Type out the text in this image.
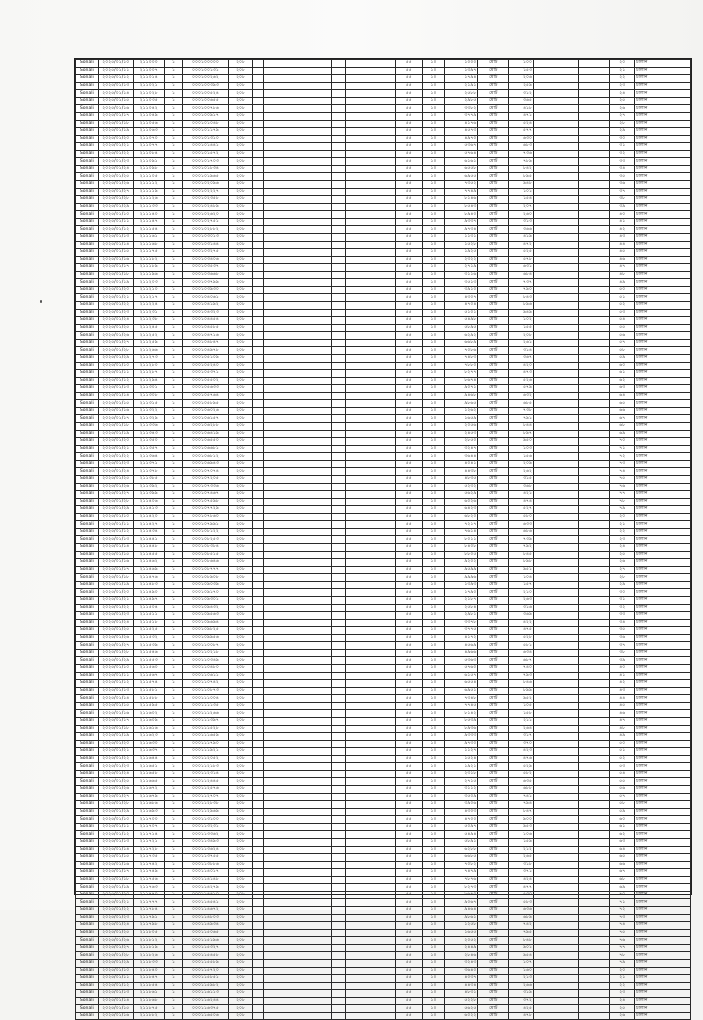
Sonali	২০২৫/০১/১০	২১১০০০	১	০০০১০০০০০	২০৮					৫৫	১০	১০০০	মোট	১০০			২০	চালান
Sonali	২০২৫/০১/১১	২১১০০৭	১	০০০১০০১৩১	২০৮					৫৫	১০	১৩৯৭	মোট	১৫৩			২১	চালান
Sonali	২০২৫/০১/১২	২১১০১৪	১	০০০১০০২৬২	২০৮					৫৫	১০	১৭৯৪	মোট	২০৬			২২	চালান
Sonali	২০২৫/০১/১৩	২১১০২১	১	০০০১০০৩৯৩	২০৮					৫৫	১০	২১৯১	মোট	২৫৯			২৩	চালান
Sonali	২০২৫/০১/১৪	২১১০২৮	১	০০০১০০৫২৪	২০৮					৫৫	১০	২৫৮৮	মোট	৩১২			২৪	চালান
Sonali	২০২৫/০১/১৫	২১১০৩৫	১	০০০১০০৬৫৫	২০৮					৫৫	১০	২৯৮৫	মোট	৩৬৫			২৫	চালান
Sonali	২০২৫/০১/১৬	২১১০৪২	১	০০০১০০৭৮৬	২০৮					৫৫	১০	৩৩৮২	মোট	৪১৮			২৬	চালান
Sonali	২০২৫/০১/১৭	২১১০৪৯	১	০০০১০০৯১৭	২০৮					৫৫	১০	৩৭৭৯	মোট	৪৭১			২৭	চালান
Sonali	২০২৫/০১/১৮	২১১০৫৬	১	০০০১০১০৪৮	২০৮					৫৫	১০	৪১৭৬	মোট	৫২৪			২৮	চালান
Sonali	২০২৫/০১/১৯	২১১০৬৩	১	০০০১০১১৭৯	২০৮					৫৫	১০	৪৫৭৩	মোট	৫৭৭			২৯	চালান
Sonali	২০২৫/০১/২০	২১১০৭০	১	০০০১০১৩১০	২০৮					৫৫	১০	৪৯৭০	মোট	৬৩০			৩০	চালান
Sonali	২০২৫/০১/২১	২১১০৭৭	১	০০০১০১৪৪১	২০৮					৫৫	১০	৫৩৬৭	মোট	৬৮৩			৩১	চালান
Sonali	২০২৫/০১/২২	২১১০৮৪	১	০০০১০১৫৭২	২০৮					৫৫	১০	৫৭৬৪	মোট	৭৩৬			৩২	চালান
Sonali	২০২৫/০১/২৩	২১১০৯১	১	০০০১০১৭০৩	২০৮					৫৫	১০	৬১৬১	মোট	৭৮৯			৩৩	চালান
Sonali	২০২৫/০১/২৪	২১১০৯৮	১	০০০১০১৮৩৪	২০৮					৫৫	১০	৬৫৫৮	মোট	৮৪২			৩৪	চালান
Sonali	২০২৫/০১/২৫	২১১১০৫	১	০০০১০১৯৬৫	২০৮					৫৫	১০	৬৯৫৫	মোট	৮৯৫			৩৫	চালান
Sonali	২০২৫/০১/২৬	২১১১১২	১	০০০১০২০৯৬	২০৮					৫৫	১০	৭৩৫২	মোট	৯৪৮			৩৬	চালান
Sonali	২০২৫/০১/২৭	২১১১১৯	১	০০০১০২২২৭	২০৮					৫৫	১০	৭৭৪৯	মোট	১০১			৩৭	চালান
Sonali	২০২৫/০১/২৮	২১১১২৬	১	০০০১০২৩৫৮	২০৮					৫৫	১০	৮১৪৬	মোট	১৫৪			৩৮	চালান
Sonali	২০২৫/০১/২৯	২১১১৩৩	১	০০০১০২৪৮৯	২০৮					৫৫	১০	৮৫৪৩	মোট	২০৭			৩৯	চালান
Sonali	২০২৫/০১/১০	২১১১৪০	১	০০০১০২৬২০	২০৮					৫৫	১০	৮৯৪০	মোট	২৬০			৪০	চালান
Sonali	২০২৫/০১/১১	২১১১৪৭	১	০০০১০২৭৫১	২০৮					৫৫	১০	৯৩৩৭	মোট	৩১৩			৪১	চালান
Sonali	২০২৫/০১/১২	২১১১৫৪	১	০০০১০২৮৮২	২০৮					৫৫	১০	৯৭৩৪	মোট	৩৬৬			৪২	চালান
Sonali	২০২৫/০১/১৩	২১১১৬১	১	০০০১০৩০১৩	২০৮					৫৫	১০	১১৩১	মোট	৪১৯			৪৩	চালান
Sonali	২০২৫/০১/১৪	২১১১৬৮	১	০০০১০৩১৪৪	২০৮					৫৫	১০	১৫২৮	মোট	৪৭২			৪৪	চালান
Sonali	২০২৫/০১/১৫	২১১১৭৫	১	০০০১০৩২৭৫	২০৮					৫৫	১০	১৯২৫	মোট	৫২৫			৪৫	চালান
Sonali	২০২৫/০১/১৬	২১১১৮২	১	০০০১০৩৪০৬	২০৮					৫৫	১০	২৩২২	মোট	৫৭৮			৪৬	চালান
Sonali	২০২৫/০১/১৭	২১১১৮৯	১	০০০১০৩৫৩৭	২০৮					৫৫	১০	২৭১৯	মোট	৬৩১			৪৭	চালান
Sonali	২০২৫/০১/১৮	২১১১৯৬	১	০০০১০৩৬৬৮	২০৮					৫৫	১০	৩১১৬	মোট	৬৮৪			৪৮	চালান
Sonali	২০২৫/০১/১৯	২১১২০৩	১	০০০১০৩৭৯৯	২০৮					৫৫	১০	৩৫১৩	মোট	৭৩৭			৪৯	চালান
Sonali	২০২৫/০১/২০	২১১২১০	১	০০০১০৩৯৩০	২০৮					৫৫	১০	৩৯১০	মোট	৭৯০			৫০	চালান
Sonali	২০২৫/০১/২১	২১১২১৭	১	০০০১০৪০৬১	২০৮					৫৫	১০	৪৩০৭	মোট	৮৪৩			৫১	চালান
Sonali	২০২৫/০১/২২	২১১২২৪	১	০০০১০৪১৯২	২০৮					৫৫	১০	৪৭০৪	মোট	৮৯৬			৫২	চালান
Sonali	২০২৫/০১/২৩	২১১২৩১	১	০০০১০৪৩২৩	২০৮					৫৫	১০	৫১০১	মোট	৯৪৯			৫৩	চালান
Sonali	২০২৫/০১/২৪	২১১২৩৮	১	০০০১০৪৪৫৪	২০৮					৫৫	১০	৫৪৯৮	মোট	১০২			৫৪	চালান
Sonali	২০২৫/০১/২৫	২১১২৪৫	১	০০০১০৪৫৮৫	২০৮					৫৫	১০	৫৮৯৫	মোট	১৫৫			৫৫	চালান
Sonali	২০২৫/০১/২৬	২১১২৫২	১	০০০১০৪৭১৬	২০৮					৫৫	১০	৬২৯২	মোট	২০৮			৫৬	চালান
Sonali	২০২৫/০১/২৭	২১১২৫৯	১	০০০১০৪৮৪৭	২০৮					৫৫	১০	৬৬৮৯	মোট	২৬১			৫৭	চালান
Sonali	২০২৫/০১/২৮	২১১২৬৬	১	০০০১০৪৯৭৮	২০৮					৫৫	১০	৭০৮৬	মোট	৩১৪			৫৮	চালান
Sonali	২০২৫/০১/২৯	২১১২৭৩	১	০০০১০৫১০৯	২০৮					৫৫	১০	৭৪৮৩	মোট	৩৬৭			৫৯	চালান
Sonali	২০২৫/০১/১০	২১১২৮০	১	০০০১০৫২৪০	২০৮					৫৫	১০	৭৮৮০	মোট	৪২০			৬০	চালান
Sonali	২০২৫/০১/১১	২১১২৮৭	১	০০০১০৫৩৭১	২০৮					৫৫	১০	৮২৭৭	মোট	৪৭৩			৬১	চালান
Sonali	২০২৫/০১/১২	২১১২৯৪	১	০০০১০৫৫০২	২০৮					৫৫	১০	৮৬৭৪	মোট	৫২৬			৬২	চালান
Sonali	২০২৫/০১/১৩	২১১৩০১	১	০০০১০৫৬৩৩	২০৮					৫৫	১০	৯০৭১	মোট	৫৭৯			৬৩	চালান
Sonali	২০২৫/০১/১৪	২১১৩০৮	১	০০০১০৫৭৬৪	২০৮					৫৫	১০	৯৪৬৮	মোট	৬৩২			৬৪	চালান
Sonali	২০২৫/০১/১৫	২১১৩১৫	১	০০০১০৫৮৯৫	২০৮					৫৫	১০	৯৮৬৫	মোট	৬৮৫			৬৫	চালান
Sonali	২০২৫/০১/১৬	২১১৩২২	১	০০০১০৬০২৬	২০৮					৫৫	১০	১২৬২	মোট	৭৩৮			৬৬	চালান
Sonali	২০২৫/০১/১৭	২১১৩২৯	১	০০০১০৬১৫৭	২০৮					৫৫	১০	১৬৫৯	মোট	৭৯১			৬৭	চালান
Sonali	২০২৫/০১/১৮	২১১৩৩৬	১	০০০১০৬২৮৮	২০৮					৫৫	১০	২০৫৬	মোট	৮৪৪			৬৮	চালান
Sonali	২০২৫/০১/১৯	২১১৩৪৩	১	০০০১০৬৪১৯	২০৮					৫৫	১০	২৪৫৩	মোট	৮৯৭			৬৯	চালান
Sonali	২০২৫/০১/২০	২১১৩৫০	১	০০০১০৬৫৫০	২০৮					৫৫	১০	২৮৫০	মোট	৯৫০			৭০	চালান
Sonali	২০২৫/০১/২১	২১১৩৫৭	১	০০০১০৬৬৮১	২০৮					৫৫	১০	৩২৪৭	মোট	১০৩			৭১	চালান
Sonali	২০২৫/০১/২২	২১১৩৬৪	১	০০০১০৬৮১২	২০৮					৫৫	১০	৩৬৪৪	মোট	১৫৬			৭২	চালান
Sonali	২০২৫/০১/২৩	২১১৩৭১	১	০০০১০৬৯৪৩	২০৮					৫৫	১০	৪০৪১	মোট	২০৯			৭৩	চালান
Sonali	২০২৫/০১/২৪	২১১৩৭৮	১	০০০১০৭০৭৪	২০৮					৫৫	১০	৪৪৩৮	মোট	২৬২			৭৪	চালান
Sonali	২০২৫/০১/২৫	২১১৩৮৫	১	০০০১০৭২০৫	২০৮					৫৫	১০	৪৮৩৫	মোট	৩১৫			৭৫	চালান
Sonali	২০২৫/০১/২৬	২১১৩৯২	১	০০০১০৭৩৩৬	২০৮					৫৫	১০	৫২৩২	মোট	৩৬৮			৭৬	চালান
Sonali	২০২৫/০১/২৭	২১১৩৯৯	১	০০০১০৭৪৬৭	২০৮					৫৫	১০	৫৬২৯	মোট	৪২১			৭৭	চালান
Sonali	২০২৫/০১/২৮	২১১৪০৬	১	০০০১০৭৫৯৮	২০৮					৫৫	১০	৬০২৬	মোট	৪৭৪			৭৮	চালান
Sonali	২০২৫/০১/২৯	২১১৪১৩	১	০০০১০৭৭২৯	২০৮					৫৫	১০	৬৪২৩	মোট	৫২৭			৭৯	চালান
Sonali	২০২৫/০১/১০	২১১৪২০	১	০০০১০৭৮৬০	২০৮					৫৫	১০	৬৮২০	মোট	৫৮০			২০	চালান
Sonali	২০২৫/০১/১১	২১১৪২৭	১	০০০১০৭৯৯১	২০৮					৫৫	১০	৭২১৭	মোট	৬৩৩			২১	চালান
Sonali	২০২৫/০১/১২	২১১৪৩৪	১	০০০১০৮১২২	২০৮					৫৫	১০	৭৬১৪	মোট	৬৮৬			২২	চালান
Sonali	২০২৫/০১/১৩	২১১৪৪১	১	০০০১০৮২৫৩	২০৮					৫৫	১০	৮০১১	মোট	৭৩৯			২৩	চালান
Sonali	২০২৫/০১/১৪	২১১৪৪৮	১	০০০১০৮৩৮৪	২০৮					৫৫	১০	৮৪০৮	মোট	৭৯২			২৪	চালান
Sonali	২০২৫/০১/১৫	২১১৪৫৫	১	০০০১০৮৫১৫	২০৮					৫৫	১০	৮৮০৫	মোট	৮৪৫			২৫	চালান
Sonali	২০২৫/০১/১৬	২১১৪৬২	১	০০০১০৮৬৪৬	২০৮					৫৫	১০	৯২০২	মোট	৮৯৮			২৬	চালান
Sonali	২০২৫/০১/১৭	২১১৪৬৯	১	০০০১০৮৭৭৭	২০৮					৫৫	১০	৯৫৯৯	মোট	৯৫১			২৭	চালান
Sonali	২০২৫/০১/১৮	২১১৪৭৬	১	০০০১০৮৯০৮	২০৮					৫৫	১০	৯৯৯৬	মোট	১০৪			২৮	চালান
Sonali	২০২৫/০১/১৯	২১১৪৮৩	১	০০০১০৯০৩৯	২০৮					৫৫	১০	১৩৯৩	মোট	১৫৭			২৯	চালান
Sonali	২০২৫/০১/২০	২১১৪৯০	১	০০০১০৯১৭০	২০৮					৫৫	১০	১৭৯০	মোট	২১০			৩০	চালান
Sonali	২০২৫/০১/২১	২১১৪৯৭	১	০০০১০৯৩০১	২০৮					৫৫	১০	২১৮৭	মোট	২৬৩			৩১	চালান
Sonali	২০২৫/০১/২২	২১১৫০৪	১	০০০১০৯৪৩২	২০৮					৫৫	১০	২৫৮৪	মোট	৩১৬			৩২	চালান
Sonali	২০২৫/০১/২৩	২১১৫১১	১	০০০১০৯৫৬৩	২০৮					৫৫	১০	২৯৮১	মোট	৩৬৯			৩৩	চালান
Sonali	২০২৫/০১/২৪	২১১৫১৮	১	০০০১০৯৬৯৪	২০৮					৫৫	১০	৩৩৭৮	মোট	৪২২			৩৪	চালান
Sonali	২০২৫/০১/২৫	২১১৫২৫	১	০০০১০৯৮২৫	২০৮					৫৫	১০	৩৭৭৫	মোট	৪৭৫			৩৫	চালান
Sonali	২০২৫/০১/২৬	২১১৫৩২	১	০০০১০৯৯৫৬	২০৮					৫৫	১০	৪১৭২	মোট	৫২৮			৩৬	চালান
Sonali	২০২৫/০১/২৭	২১১৫৩৯	১	০০০১১০০৮৭	২০৮					৫৫	১০	৪৫৬৯	মোট	৫৮১			৩৭	চালান
Sonali	২০২৫/০১/২৮	২১১৫৪৬	১	০০০১১০২১৮	২০৮					৫৫	১০	৪৯৬৬	মোট	৬৩৪			৩৮	চালান
Sonali	২০২৫/০১/২৯	২১১৫৫৩	১	০০০১১০৩৪৯	২০৮					৫৫	১০	৫৩৬৩	মোট	৬৮৭			৩৯	চালান
Sonali	২০২৫/০১/১০	২১১৫৬০	১	০০০১১০৪৮০	২০৮					৫৫	১০	৫৭৬০	মোট	৭৪০			৪০	চালান
Sonali	২০২৫/০১/১১	২১১৫৬৭	১	০০০১১০৬১১	২০৮					৫৫	১০	৬১৫৭	মোট	৭৯৩			৪১	চালান
Sonali	২০২৫/০১/১২	২১১৫৭৪	১	০০০১১০৭৪২	২০৮					৫৫	১০	৬৫৫৪	মোট	৮৪৬			৪২	চালান
Sonali	২০২৫/০১/১৩	২১১৫৮১	১	০০০১১০৮৭৩	২০৮					৫৫	১০	৬৯৫১	মোট	৮৯৯			৪৩	চালান
Sonali	২০২৫/০১/১৪	২১১৫৮৮	১	০০০১১১০০৪	২০৮					৫৫	১০	৭৩৪৮	মোট	৯৫২			৪৪	চালান
Sonali	২০২৫/০১/১৫	২১১৫৯৫	১	০০০১১১১৩৫	২০৮					৫৫	১০	৭৭৪৫	মোট	১০৫			৪৫	চালান
Sonali	২০২৫/০১/১৬	২১১৬০২	১	০০০১১১২৬৬	২০৮					৫৫	১০	৮১৪২	মোট	১৫৮			৪৬	চালান
Sonali	২০২৫/০১/১৭	২১১৬০৯	১	০০০১১১৩৯৭	২০৮					৫৫	১০	৮৫৩৯	মোট	২১১			৪৭	চালান
Sonali	২০২৫/০১/১৮	২১১৬১৬	১	০০০১১১৫২৮	২০৮					৫৫	১০	৮৯৩৬	মোট	২৬৪			৪৮	চালান
Sonali	২০২৫/০১/১৯	২১১৬২৩	১	০০০১১১৬৫৯	২০৮					৫৫	১০	৯৩৩৩	মোট	৩১৭			৪৯	চালান
Sonali	২০২৫/০১/২০	২১১৬৩০	১	০০০১১১৭৯০	২০৮					৫৫	১০	৯৭৩০	মোট	৩৭০			৫০	চালান
Sonali	২০২৫/০১/২১	২১১৬৩৭	১	০০০১১১৯২১	২০৮					৫৫	১০	১১২৭	মোট	৪২৩			৫১	চালান
Sonali	২০২৫/০১/২২	২১১৬৪৪	১	০০০১১২০৫২	২০৮					৫৫	১০	১৫২৪	মোট	৪৭৬			৫২	চালান
Sonali	২০২৫/০১/২৩	২১১৬৫১	১	০০০১১২১৮৩	২০৮					৫৫	১০	১৯২১	মোট	৫২৯			৫৩	চালান
Sonali	২০২৫/০১/২৪	২১১৬৫৮	১	০০০১১২৩১৪	২০৮					৫৫	১০	২৩১৮	মোট	৫৮২			৫৪	চালান
Sonali	২০২৫/০১/২৫	২১১৬৬৫	১	০০০১১২৪৪৫	২০৮					৫৫	১০	২৭১৫	মোট	৬৩৫			৫৫	চালান
Sonali	২০২৫/০১/২৬	২১১৬৭২	১	০০০১১২৫৭৬	২০৮					৫৫	১০	৩১১২	মোট	৬৮৮			৫৬	চালান
Sonali	২০২৫/০১/২৭	২১১৬৭৯	১	০০০১১২৭০৭	২০৮					৫৫	১০	৩৫০৯	মোট	৭৪১			৫৭	চালান
Sonali	২০২৫/০১/২৮	২১১৬৮৬	১	০০০১১২৮৩৮	২০৮					৫৫	১০	৩৯০৬	মোট	৭৯৪			৫৮	চালান
Sonali	২০২৫/০১/২৯	২১১৬৯৩	১	০০০১১২৯৬৯	২০৮					৫৫	১০	৪৩০৩	মোট	৮৪৭			৫৯	চালান
Sonali	২০২৫/০১/১০	২১১৭০০	১	০০০১১৩১০০	২০৮					৫৫	১০	৪৭০০	মোট	৯০০			৬০	চালান
Sonali	২০২৫/০১/১১	২১১৭০৭	১	০০০১১৩২৩১	২০৮					৫৫	১০	৫০৯৭	মোট	৯৫৩			৬১	চালান
Sonali	২০২৫/০১/১২	২১১৭১৪	১	০০০১১৩৩৬২	২০৮					৫৫	১০	৫৪৯৪	মোট	১০৬			৬২	চালান
Sonali	২০২৫/০১/১৩	২১১৭২১	১	০০০১১৩৪৯৩	২০৮					৫৫	১০	৫৮৯১	মোট	১৫৯			৬৩	চালান
Sonali	২০২৫/০১/১৪	২১১৭২৮	১	০০০১১৩৬২৪	২০৮					৫৫	১০	৬২৮৮	মোট	২১২			৬৪	চালান
Sonali	২০২৫/০১/১৫	২১১৭৩৫	১	০০০১১৩৭৫৫	২০৮					৫৫	১০	৬৬৮৫	মোট	২৬৫			৬৫	চালান
Sonali	২০২৫/০১/১৬	২১১৭৪২	১	০০০১১৩৮৮৬	২০৮					৫৫	১০	৭০৮২	মোট	৩১৮			৬৬	চালান
Sonali	২০২৫/০১/১৭	২১১৭৪৯	১	০০০১১৪০১৭	২০৮					৫৫	১০	৭৪৭৯	মোট	৩৭১			৬৭	চালান
Sonali	২০২৫/০১/১৮	২১১৭৫৬	১	০০০১১৪১৪৮	২০৮					৫৫	১০	৭৮৭৬	মোট	৪২৪			৬৮	চালান
Sonali	২০২৫/০১/১৯	২১১৭৬৩	১	০০০১১৪২৭৯	২০৮					৫৫	১০	৮২৭৩	মোট	৪৭৭			৬৯	চালান
Sonali	২০২৫/০১/২০	২১১৭৭০	১	০০০১১৪৪১০	২০৮					৫৫	১০	৮৬৭০	মোট	৫৩০			৭০	চালান
Sonali	২০২৫/০১/২১	২১১৭৭৭	১	০০০১১৪৫৪১	২০৮					৫৫	১০	৯০৬৭	মোট	৫৮৩			৭১	চালান
Sonali	২০২৫/০১/২২	২১১৭৮৪	১	০০০১১৪৬৭২	২০৮					৫৫	১০	৯৪৬৪	মোট	৬৩৬			৭২	চালান
Sonali	২০২৫/০১/২৩	২১১৭৯১	১	০০০১১৪৮০৩	২০৮					৫৫	১০	৯৮৬১	মোট	৬৮৯			৭৩	চালান
Sonali	২০২৫/০১/২৪	২১১৭৯৮	১	০০০১১৪৯৩৪	২০৮					৫৫	১০	১২৫৮	মোট	৭৪২			৭৪	চালান
Sonali	২০২৫/০১/২৫	২১১৮০৫	১	০০০১১৫০৬৫	২০৮					৫৫	১০	১৬৫৫	মোট	৭৯৫			৭৫	চালান
Sonali	২০২৫/০১/২৬	২১১৮১২	১	০০০১১৫১৯৬	২০৮					৫৫	১০	২০৫২	মোট	৮৪৮			৭৬	চালান
Sonali	২০২৫/০১/২৭	২১১৮১৯	১	০০০১১৫৩২৭	২০৮					৫৫	১০	২৪৪৯	মোট	৯০১			৭৭	চালান
Sonali	২০২৫/০১/২৮	২১১৮২৬	১	০০০১১৫৪৫৮	২০৮					৫৫	১০	২৮৪৬	মোট	৯৫৪			৭৮	চালান
Sonali	২০২৫/০১/২৯	২১১৮৩৩	১	০০০১১৫৫৮৯	২০৮					৫৫	১০	৩২৪৩	মোট	১০৭			৭৯	চালান
Sonali	২০২৫/০১/১০	২১১৮৪০	১	০০০১১৫৭২০	২০৮					৫৫	১০	৩৬৪০	মোট	১৬০			২০	চালান
Sonali	২০২৫/০১/১১	২১১৮৪৭	১	০০০১১৫৮৫১	২০৮					৫৫	১০	৪০৩৭	মোট	২১৩			২১	চালান
Sonali	২০২৫/০১/১২	২১১৮৫৪	১	০০০১১৫৯৮২	২০৮					৫৫	১০	৪৪৩৪	মোট	২৬৬			২২	চালান
Sonali	২০২৫/০১/১৩	২১১৮৬১	১	০০০১১৬১১৩	২০৮					৫৫	১০	৪৮৩১	মোট	৩১৯			২৩	চালান
Sonali	২০২৫/০১/১৪	২১১৮৬৮	১	০০০১১৬২৪৪	২০৮					৫৫	১০	৫২২৮	মোট	৩৭২			২৪	চালান
Sonali	২০২৫/০১/১৫	২১১৮৭৫	১	০০০১১৬৩৭৫	২০৮					৫৫	১০	৫৬২৫	মোট	৪২৫			২৫	চালান
Sonali	২০২৫/০১/১৬	২১১৮৮২	১	০০০১১৬৫০৬	২০৮					৫৫	১০	৬০২২	মোট	৪৭৮			২৬	চালান
